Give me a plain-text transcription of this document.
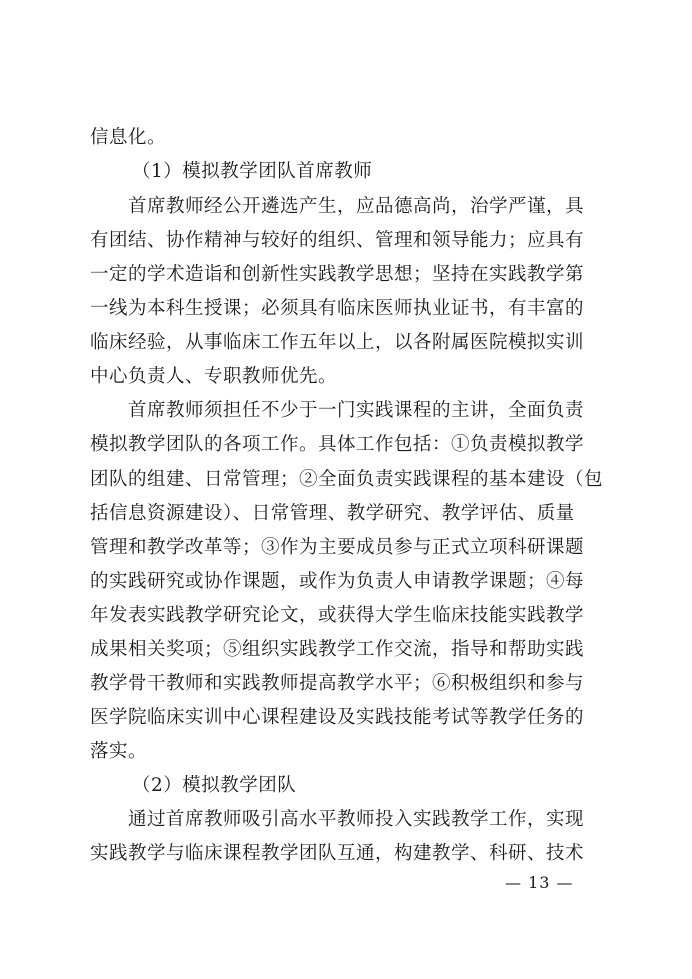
信息化。
（1）模拟教学团队首席教师
首席教师经公开遴选产生，应品德高尚，治学严谨，具
有团结、协作精神与较好的组织、管理和领导能力；应具有
一定的学术造诣和创新性实践教学思想；坚持在实践教学第
一线为本科生授课；必须具有临床医师执业证书，有丰富的
临床经验，从事临床工作五年以上，以各附属医院模拟实训
中心负责人、专职教师优先。
首席教师须担任不少于一门实践课程的主讲，全面负责
模拟教学团队的各项工作。具体工作包括：①负责模拟教学
团队的组建、日常管理；②全面负责实践课程的基本建设（包
括信息资源建设）、日常管理、教学研究、教学评估、质量
管理和教学改革等；③作为主要成员参与正式立项科研课题
的实践研究或协作课题，或作为负责人申请教学课题；④每
年发表实践教学研究论文，或获得大学生临床技能实践教学
成果相关奖项；⑤组织实践教学工作交流，指导和帮助实践
教学骨干教师和实践教师提高教学水平；⑥积极组织和参与
医学院临床实训中心课程建设及实践技能考试等教学任务的
落实。
（2）模拟教学团队
通过首席教师吸引高水平教师投入实践教学工作，实现
实践教学与临床课程教学团队互通，构建教学、科研、技术
— 13 —
